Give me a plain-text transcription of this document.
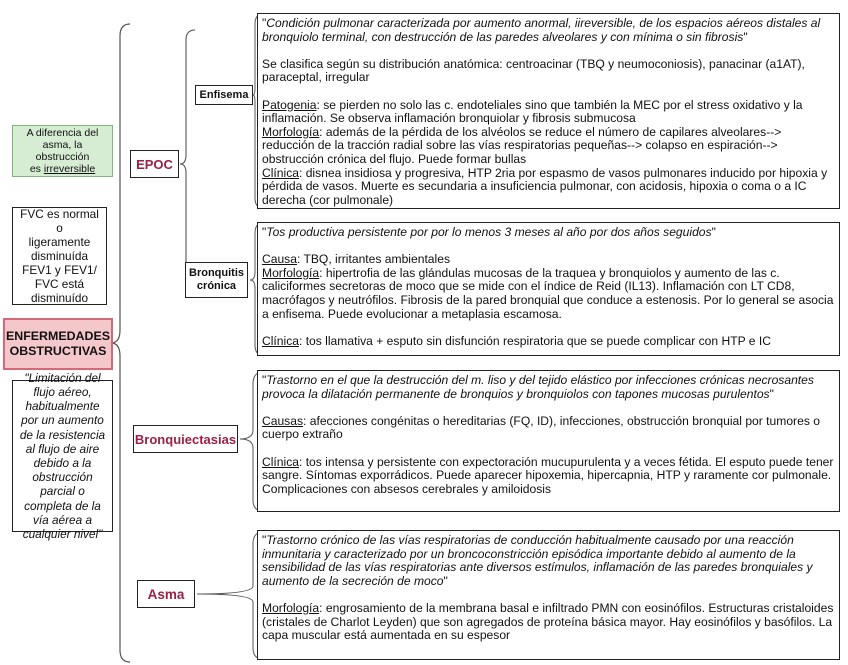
A diferencia del
asma, la obstrucción
es irreversible
FVC es normal o
ligeramente
disminuída
FEV1 y FEV1/
FVC está
disminuído
ENFERMEDADES
OBSTRUCTIVAS
"Limitación del flujo aéreo, habitualmente por un aumento de la resistencia al flujo de aire debido a la obstrucción parcial o completa de la vía aérea a cualquier nivel"
EPOC
Bronquiectasias
Asma
Enfisema
Bronquitis
crónica

"Condición pulmonar caracterizada por aumento anormal, iireversible, de los espacios aéreos distales al bronquiolo terminal, con destrucción de las paredes alveolares y con mínima o sin fibrosis"

Se clasifica según su distribución anatómica: centroacinar (TBQ y neumoconiosis), panacinar (a1AT), paraceptal, irregular

Patogenia: se pierden no solo las c. endoteliales sino que también la MEC por el stress oxidativo y la inflamación. Se observa inflamación bronquiolar y fibrosis submucosa

Morfología: además de la pérdida de los alvéolos se reduce el número de capilares alveolares--> reducción de la tracción radial sobre las vías respiratorias pequeñas--> colapso en espiración--> obstrucción crónica del flujo. Puede formar bullas

Clínica: disnea insidiosa y progresiva, HTP 2ria por espasmo de vasos pulmonares inducido por hipoxia y pérdida de vasos. Muerte es secundaria a insuficiencia pulmonar, con acidosis, hipoxia o coma o a IC derecha (cor pulmonale)

"Tos productiva persistente por por lo menos 3 meses al año por dos años seguidos"

Causa: TBQ, irritantes ambientales

Morfología: hipertrofia de las glándulas mucosas de la traquea y bronquiolos y aumento de las c. caliciformes secretoras de moco que se mide con el índice de Reid (IL13). Inflamación con LT CD8, macrófagos y neutrófilos. Fibrosis de la pared bronquial que conduce a estenosis. Por lo general se asocia a enfisema. Puede evolucionar a metaplasia escamosa.

Clínica: tos llamativa + esputo sin disfunción respiratoria que se puede complicar con HTP e IC

"Trastorno en el que la destrucción del m. liso y del tejido elástico por infecciones crónicas necrosantes provoca la dilatación permanente de bronquios y bronquiolos con tapones mucosas purulentos"

Causas: afecciones congénitas o hereditarias (FQ, ID), infecciones, obstrucción bronquial por tumores o cuerpo extraño

Clínica: tos intensa y persistente con expectoración mucupurulenta y a veces fétida. El esputo puede tener sangre. Síntomas exporrádicos. Puede aparecer hipoxemia, hipercapnia, HTP y raramente cor pulmonale. Complicaciones con absesos cerebrales y amiloidosis

"Trastorno crónico de las vías respiratorias de conducción habitualmente causado por una reacción inmunitaria y caracterizado por un broncoconstricción episódica importante debido al aumento de la sensibilidad de las vías respiratorias ante diversos estímulos, inflamación de las paredes bronquiales y aumento de la secreción de moco"

Morfología: engrosamiento de la membrana basal e infiltrado PMN con eosinófilos. Estructuras cristaloides (cristales de Charlot Leyden) que son agregados de proteína básica mayor. Hay eosinófilos y basófilos. La capa muscular está aumentada en su espesor
